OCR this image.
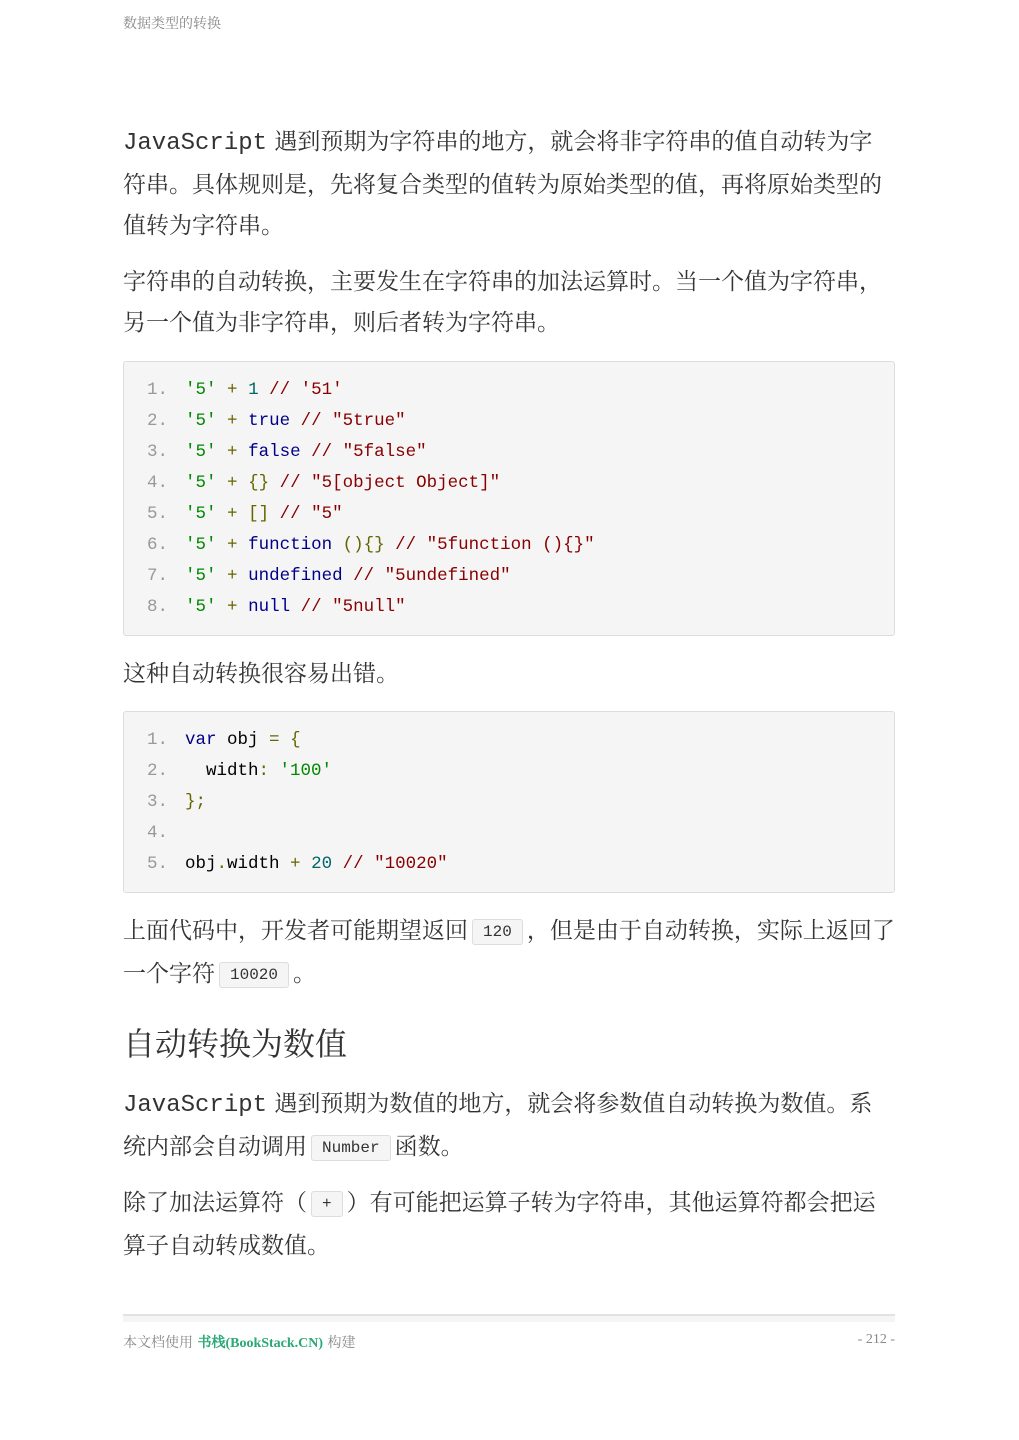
数据类型的转换

JavaScript 遇到预期为字符串的地方，就会将非字符串的值自动转为字符串。具体规则是，先将复合类型的值转为原始类型的值，再将原始类型的值转为字符串。

字符串的自动转换，主要发生在字符串的加法运算时。当一个值为字符串，另一个值为非字符串，则后者转为字符串。

1. '5' + 1 // '51'
2. '5' + true // "5true"
3. '5' + false // "5false"
4. '5' + {} // "5[object Object]"
5. '5' + [] // "5"
6. '5' + function (){} // "5function (){}"
7. '5' + undefined // "5undefined"
8. '5' + null // "5null"

这种自动转换很容易出错。

1. var obj = {
2.  width: '100'
3. };
4.
5. obj.width + 20 // "10020"

上面代码中，开发者可能期望返回 120 ，但是由于自动转换，实际上返回了一个字符 10020 。

自动转换为数值

JavaScript 遇到预期为数值的地方，就会将参数值自动转换为数值。系统内部会自动调用 Number 函数。

除了加法运算符（ + ）有可能把运算子转为字符串，其他运算符都会把运算子自动转成数值。

本文档使用 书栈(BookStack.CN) 构建	- 212 -
